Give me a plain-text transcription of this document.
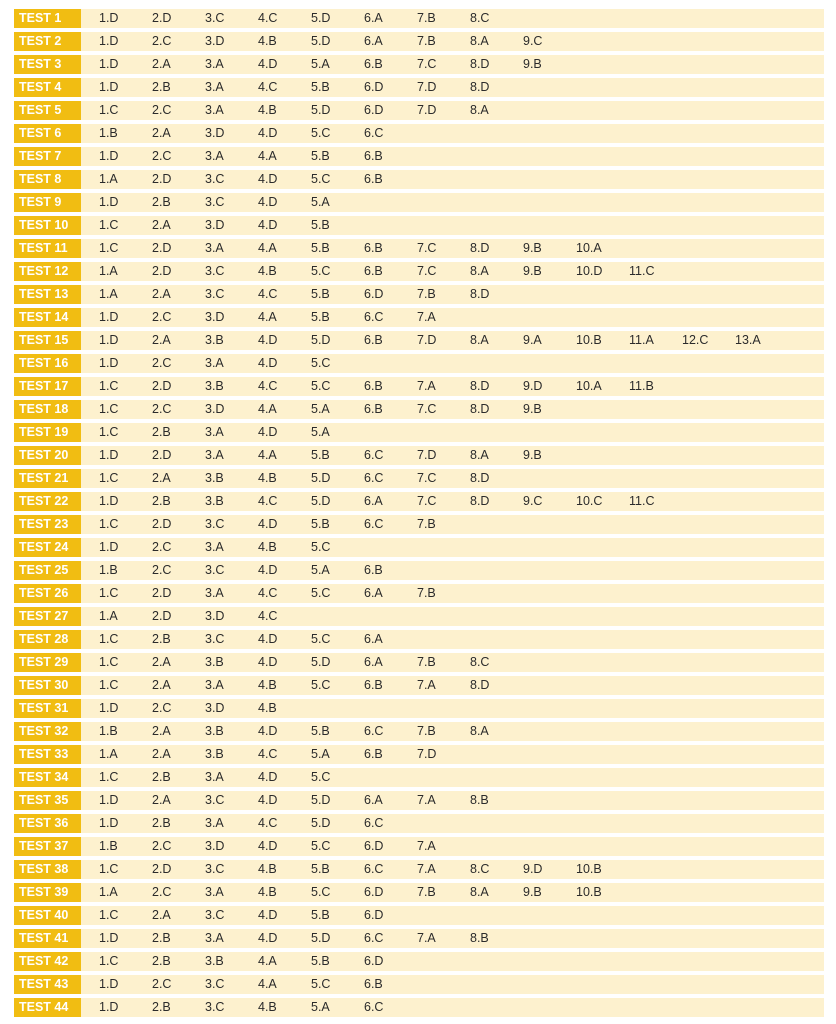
TEST 1	1.D	2.D	3.C	4.C	5.D	6.A	7.B	8.C
TEST 2	1.D	2.C	3.D	4.B	5.D	6.A	7.B	8.A	9.C
TEST 3	1.D	2.A	3.A	4.D	5.A	6.B	7.C	8.D	9.B
TEST 4	1.D	2.B	3.A	4.C	5.B	6.D	7.D	8.D
TEST 5	1.C	2.C	3.A	4.B	5.D	6.D	7.D	8.A
TEST 6	1.B	2.A	3.D	4.D	5.C	6.C
TEST 7	1.D	2.C	3.A	4.A	5.B	6.B
TEST 8	1.A	2.D	3.C	4.D	5.C	6.B
TEST 9	1.D	2.B	3.C	4.D	5.A
TEST 10	1.C	2.A	3.D	4.D	5.B
TEST 11	1.C	2.D	3.A	4.A	5.B	6.B	7.C	8.D	9.B	10.A
TEST 12	1.A	2.D	3.C	4.B	5.C	6.B	7.C	8.A	9.B	10.D 11.C
TEST 13	1.A	2.A	3.C	4.C	5.B	6.D	7.B	8.D
TEST 14	1.D	2.C	3.D	4.A	5.B	6.C	7.A
TEST 15	1.D	2.A	3.B	4.D	5.D	6.B	7.D	8.A	9.A	10.B 11.A 12.C 13.A
TEST 16	1.D	2.C	3.A	4.D	5.C
TEST 17	1.C	2.D	3.B	4.C	5.C	6.B	7.A	8.D	9.D	10.A 11.B
TEST 18	1.C	2.C	3.D	4.A	5.A	6.B	7.C	8.D	9.B
TEST 19	1.C	2.B	3.A	4.D	5.A
TEST 20	1.D	2.D	3.A	4.A	5.B	6.C	7.D	8.A	9.B
TEST 21	1.C	2.A	3.B	4.B	5.D	6.C	7.C	8.D
TEST 22	1.D	2.B	3.B	4.C	5.D	6.A	7.C	8.D	9.C	10.C 11.C
TEST 23	1.C	2.D	3.C	4.D	5.B	6.C	7.B
TEST 24	1.D	2.C	3.A	4.B	5.C
TEST 25	1.B	2.C	3.C	4.D	5.A	6.B
TEST 26	1.C	2.D	3.A	4.C	5.C	6.A	7.B
TEST 27	1.A	2.D	3.D	4.C
TEST 28	1.C	2.B	3.C	4.D	5.C	6.A
TEST 29	1.C	2.A	3.B	4.D	5.D	6.A	7.B	8.C
TEST 30	1.C	2.A	3.A	4.B	5.C	6.B	7.A	8.D
TEST 31	1.D	2.C	3.D	4.B
TEST 32	1.B	2.A	3.B	4.D	5.B	6.C	7.B	8.A
TEST 33	1.A	2.A	3.B	4.C	5.A	6.B	7.D
TEST 34	1.C	2.B	3.A	4.D	5.C
TEST 35	1.D	2.A	3.C	4.D	5.D	6.A	7.A	8.B
TEST 36	1.D	2.B	3.A	4.C	5.D	6.C
TEST 37	1.B	2.C	3.D	4.D	5.C	6.D	7.A
TEST 38	1.C	2.D	3.C	4.B	5.B	6.C	7.A	8.C	9.D	10.B
TEST 39	1.A	2.C	3.A	4.B	5.C	6.D	7.B	8.A	9.B	10.B
TEST 40	1.C	2.A	3.C	4.D	5.B	6.D
TEST 41	1.D	2.B	3.A	4.D	5.D	6.C	7.A	8.B
TEST 42	1.C	2.B	3.B	4.A	5.B	6.D
TEST 43	1.D	2.C	3.C	4.A	5.C	6.B
TEST 44	1.D	2.B	3.C	4.B	5.A	6.C
